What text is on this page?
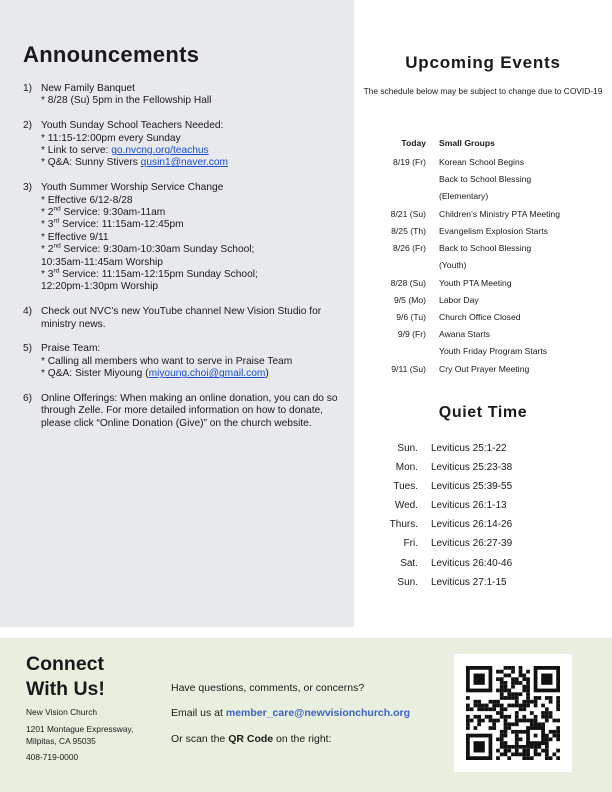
Announcements
1) New Family Banquet
* 8/28 (Su) 5pm in the Fellowship Hall
2) Youth Sunday School Teachers Needed:
* 11:15-12:00pm every Sunday
* Link to serve: go.nvcng.org/teachus
* Q&A: Sunny Stivers qusin1@naver.com
3) Youth Summer Worship Service Change
* Effective 6/12-8/28
* 2nd Service: 9:30am-11am
* 3rd Service: 11:15am-12:45pm
* Effective 9/11
* 2nd Service: 9:30am-10:30am Sunday School;
10:35am-11:45am Worship
* 3rd Service: 11:15am-12:15pm Sunday School;
12:20pm-1:30pm Worship
4) Check out NVC’s new YouTube channel New Vision Studio for ministry news.
5) Praise Team:
* Calling all members who want to serve in Praise Team
* Q&A: Sister Miyoung (miyoung.choi@gmail.com)
6) Online Offerings: When making an online donation, you can do so through Zelle. For more detailed information on how to donate, please click “Online Donation (Give)” on the church website.
Upcoming Events
The schedule below may be subject to change due to COVID-19
Today Small Groups
8/19 (Fr) Korean School Begins
Back to School Blessing
(Elementary)
8/21 (Su) Children’s Ministry PTA Meeting
8/25 (Th) Evangelism Explosion Starts
8/26 (Fr) Back to School Blessing
(Youth)
8/28 (Su) Youth PTA Meeting
9/5 (Mo) Labor Day
9/6 (Tu) Church Office Closed
9/9 (Fr) Awana Starts
Youth Friday Program Starts
9/11 (Su) Cry Out Prayer Meeting
Quiet Time
Sun. Leviticus 25:1-22
Mon. Leviticus 25:23-38
Tues. Leviticus 25:39-55
Wed. Leviticus 26:1-13
Thurs. Leviticus 26:14-26
Fri. Leviticus 26:27-39
Sat. Leviticus 26:40-46
Sun. Leviticus 27:1-15
Connect
With Us!
New Vision Church
1201 Montague Expressway,
Milpitas, CA 95035
408-719-0000
Have questions, comments, or concerns?
Email us at member_care@newvisionchurch.org
Or scan the QR Code on the right:
